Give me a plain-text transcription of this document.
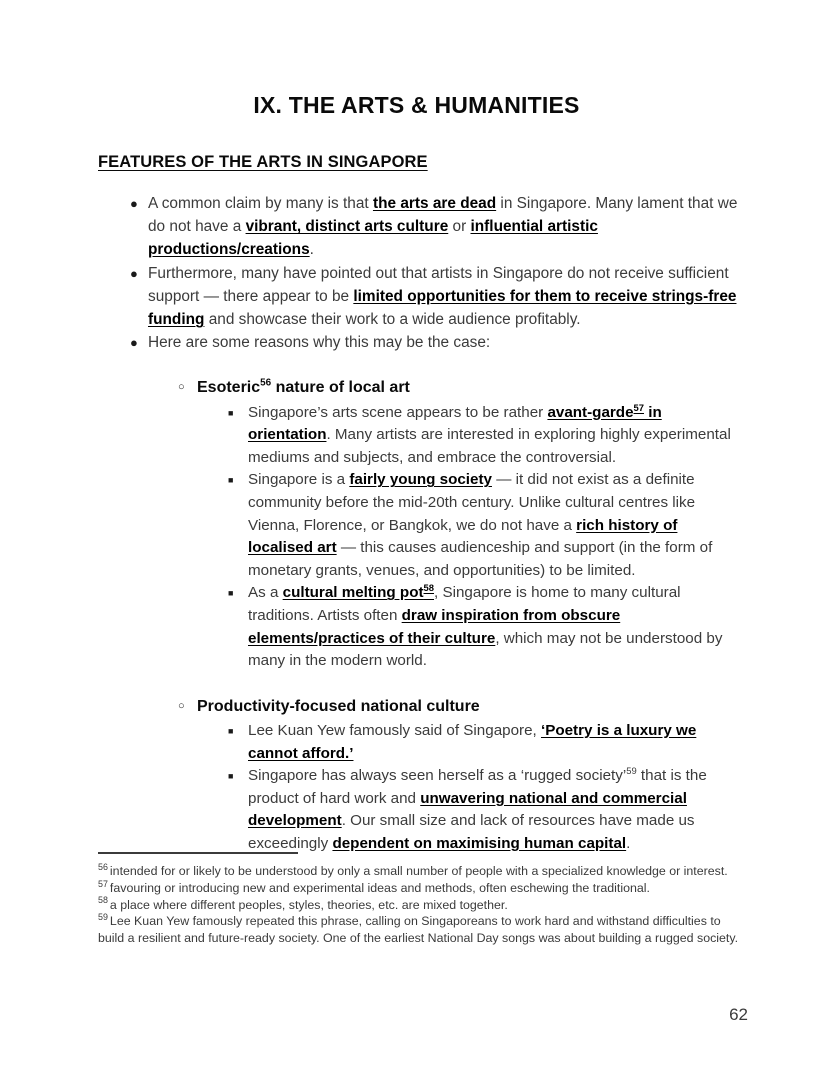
IX. THE ARTS & HUMANITIES
FEATURES OF THE ARTS IN SINGAPORE
● A common claim by many is that the arts are dead in Singapore. Many lament that we do not have a vibrant, distinct arts culture or influential artistic productions/creations.
● Furthermore, many have pointed out that artists in Singapore do not receive sufficient support — there appear to be limited opportunities for them to receive strings-free funding and showcase their work to a wide audience profitably.
● Here are some reasons why this may be the case:
○ Esoteric$^{56}$ nature of local art
■ Singapore’s arts scene appears to be rather avant-garde$^{57}$ in orientation. Many artists are interested in exploring highly experimental mediums and subjects, and embrace the controversial.
■ Singapore is a fairly young society — it did not exist as a definite community before the mid-20th century. Unlike cultural centres like Vienna, Florence, or Bangkok, we do not have a rich history of localised art — this causes audienceship and support (in the form of monetary grants, venues, and opportunities) to be limited.
■ As a cultural melting pot$^{58}$, Singapore is home to many cultural traditions. Artists often draw inspiration from obscure elements/practices of their culture, which may not be understood by many in the modern world.
○ Productivity-focused national culture
■ Lee Kuan Yew famously said of Singapore, ‘Poetry is a luxury we cannot afford.’
■ Singapore has always seen herself as a ‘rugged society’$^{59}$ that is the product of hard work and unwavering national and commercial development. Our small size and lack of resources have made us exceedingly dependent on maximising human capital.
$^{56}$ intended for or likely to be understood by only a small number of people with a specialized knowledge or interest.
$^{57}$ favouring or introducing new and experimental ideas and methods, often eschewing the traditional.
$^{58}$ a place where different peoples, styles, theories, etc. are mixed together.
$^{59}$ Lee Kuan Yew famously repeated this phrase, calling on Singaporeans to work hard and withstand difficulties to build a resilient and future-ready society. One of the earliest National Day songs was about building a rugged society.
62
